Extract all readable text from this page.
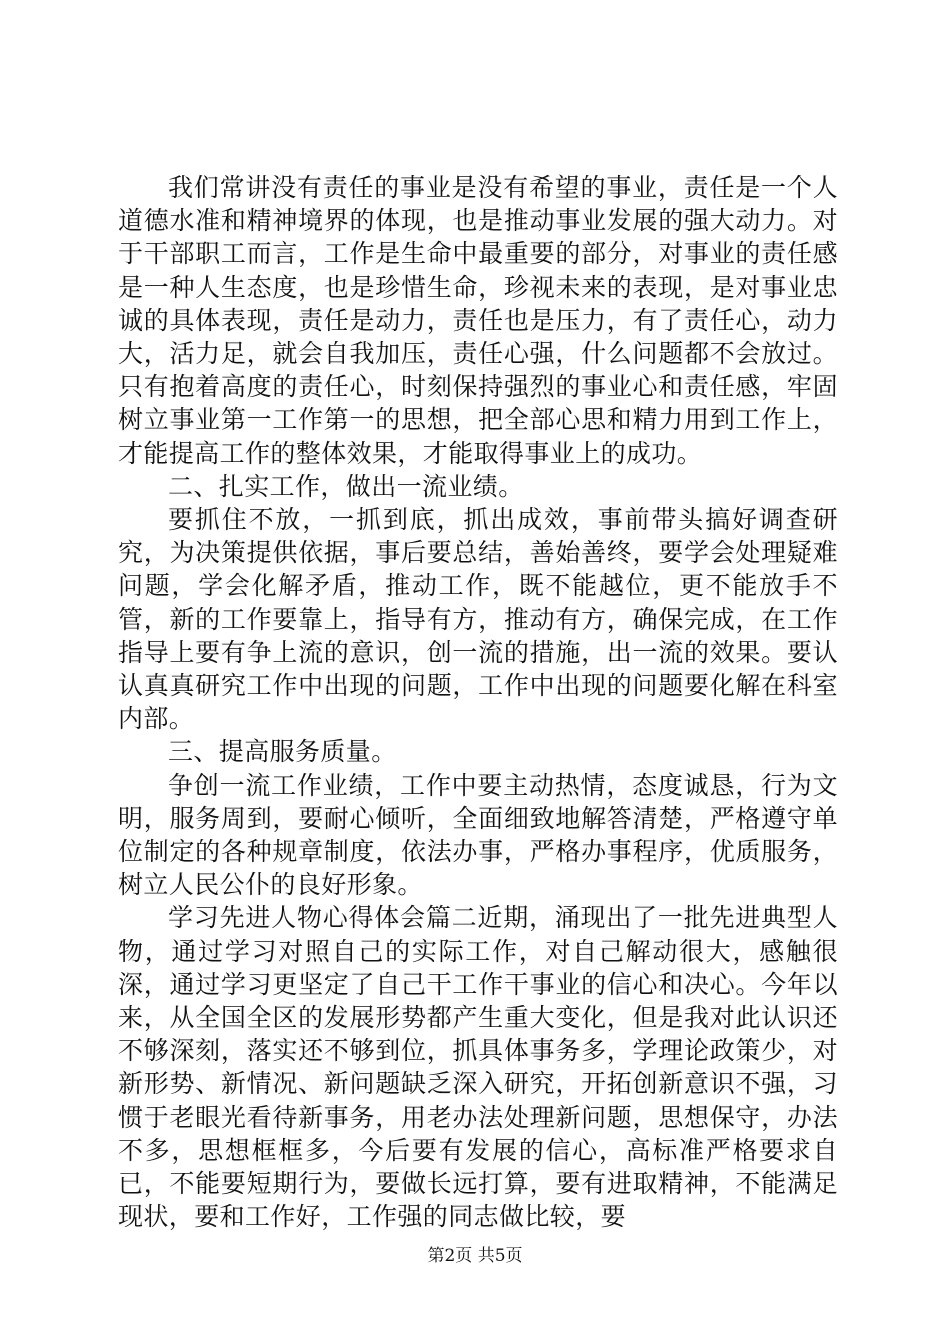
我们常讲没有责任的事业是没有希望的事业，责任是一个人道德水准和精神境界的体现，也是推动事业发展的强大动力。对于干部职工而言，工作是生命中最重要的部分，对事业的责任感是一种人生态度，也是珍惜生命，珍视未来的表现，是对事业忠诚的具体表现，责任是动力，责任也是压力，有了责任心，动力大，活力足，就会自我加压，责任心强，什么问题都不会放过。只有抱着高度的责任心，时刻保持强烈的事业心和责任感，牢固树立事业第一工作第一的思想，把全部心思和精力用到工作上，才能提高工作的整体效果，才能取得事业上的成功。

二、扎实工作，做出一流业绩。

要抓住不放，一抓到底，抓出成效，事前带头搞好调查研究，为决策提供依据，事后要总结，善始善终，要学会处理疑难问题，学会化解矛盾，推动工作，既不能越位，更不能放手不管，新的工作要靠上，指导有方，推动有方，确保完成，在工作指导上要有争上流的意识，创一流的措施，出一流的效果。要认认真真研究工作中出现的问题，工作中出现的问题要化解在科室内部。

三、提高服务质量。

争创一流工作业绩，工作中要主动热情，态度诚恳，行为文明，服务周到，要耐心倾听，全面细致地解答清楚，严格遵守单位制定的各种规章制度，依法办事，严格办事程序，优质服务，树立人民公仆的良好形象。

学习先进人物心得体会篇二近期，涌现出了一批先进典型人物，通过学习对照自己的实际工作，对自己解动很大，感触很深，通过学习更坚定了自己干工作干事业的信心和决心。今年以来，从全国全区的发展形势都产生重大变化，但是我对此认识还不够深刻，落实还不够到位，抓具体事务多，学理论政策少，对新形势、新情况、新问题缺乏深入研究，开拓创新意识不强，习惯于老眼光看待新事务，用老办法处理新问题，思想保守，办法不多，思想框框多，今后要有发展的信心，高标准严格要求自已，不能要短期行为，要做长远打算，要有进取精神，不能满足现状，要和工作好，工作强的同志做比较，要

第2页 共5页
